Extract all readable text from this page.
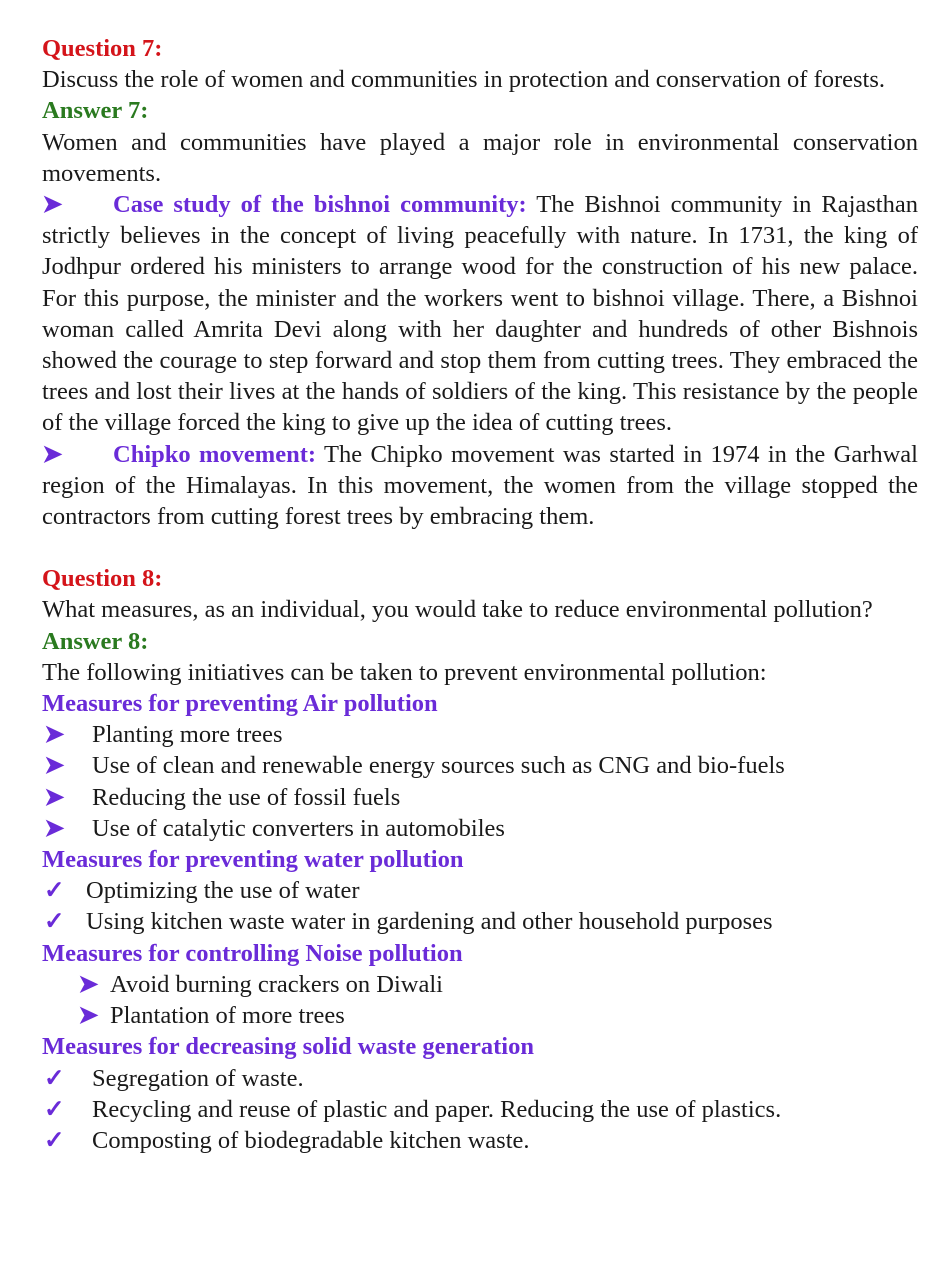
Question 7:
Discuss the role of women and communities in protection and conservation of forests.
Answer 7:
Women and communities have played a major role in environmental conservation movements.
➤ Case study of the bishnoi community: The Bishnoi community in Rajasthan strictly believes in the concept of living peacefully with nature. In 1731, the king of Jodhpur ordered his ministers to arrange wood for the construction of his new palace. For this purpose, the minister and the workers went to bishnoi village. There, a Bishnoi woman called Amrita Devi along with her daughter and hundreds of other Bishnois showed the courage to step forward and stop them from cutting trees. They embraced the trees and lost their lives at the hands of soldiers of the king. This resistance by the people of the village forced the king to give up the idea of cutting trees.
➤ Chipko movement: The Chipko movement was started in 1974 in the Garhwal region of the Himalayas. In this movement, the women from the village stopped the contractors from cutting forest trees by embracing them.
Question 8:
What measures, as an individual, you would take to reduce environmental pollution?
Answer 8:
The following initiatives can be taken to prevent environmental pollution:
Measures for preventing Air pollution
➤	Planting more trees
➤	Use of clean and renewable energy sources such as CNG and bio-fuels
➤	Reducing the use of fossil fuels
➤	Use of catalytic converters in automobiles
Measures for preventing water pollution
✓ Optimizing the use of water
✓ Using kitchen waste water in gardening and other household purposes
Measures for controlling Noise pollution
➤ Avoid burning crackers on Diwali
➤ Plantation of more trees
Measures for decreasing solid waste generation
✓	Segregation of waste.
✓	Recycling and reuse of plastic and paper. Reducing the use of plastics.
✓	Composting of biodegradable kitchen waste.
